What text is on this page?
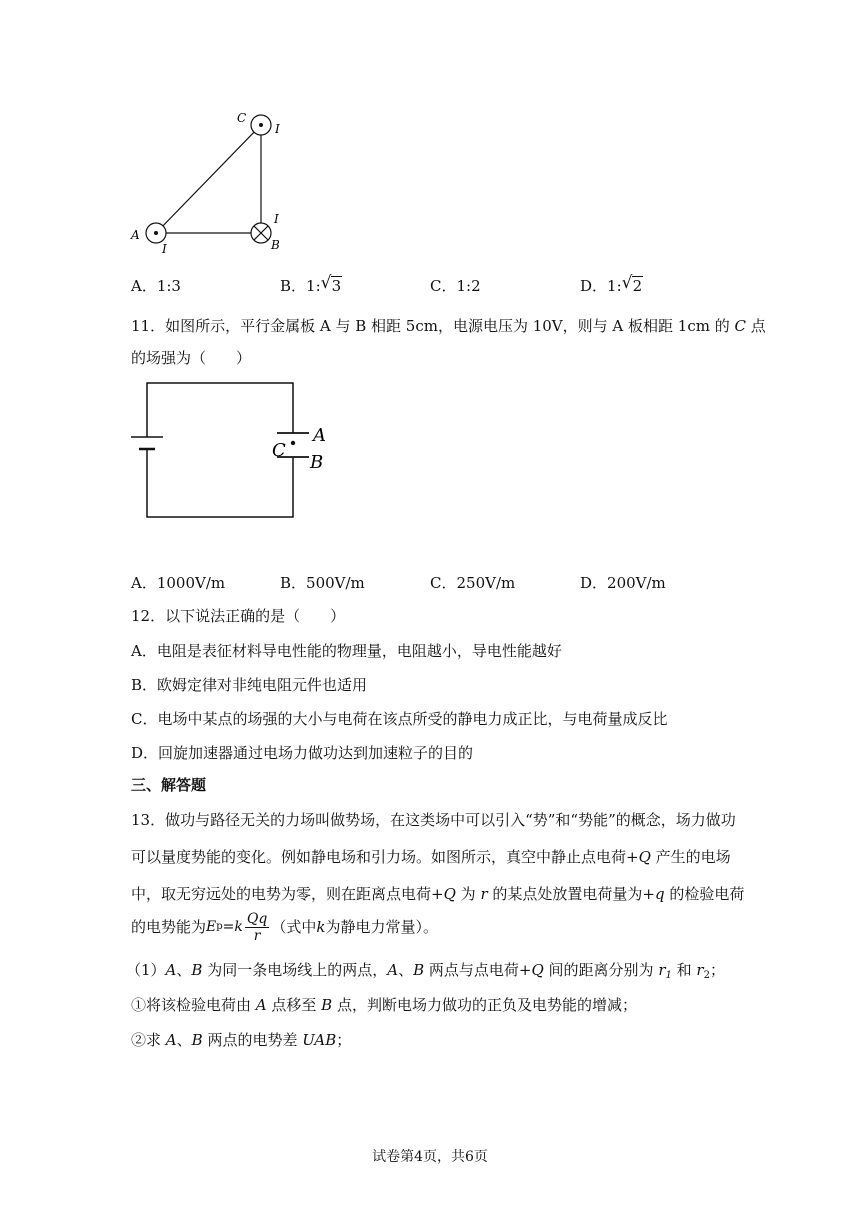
C
I
A
I
I
B
A．1:3	B．1: √ 3	C．1:2	D．1: √ 2
11．如图所示，平行金属板 A 与 B 相距 5cm，电源电压为 10V，则与 A 板相距 1cm 的 C 点
的场强为（　　）
A
C
B
A．1000V/m	B．500V/m	C．250V/m	D．200V/m
12．以下说法正确的是（　　）
A．电阻是表征材料导电性能的物理量，电阻越小，导电性能越好
B．欧姆定律对非纯电阻元件也适用
C．电场中某点的场强的大小与电荷在该点所受的静电力成正比，与电荷量成反比
D．回旋加速器通过电场力做功达到加速粒子的目的
三、解答题
13．做功与路径无关的力场叫做势场，在这类场中可以引入“势”和“势能”的概念，场力做功
可以量度势能的变化。例如静电场和引力场。如图所示，真空中静止点电荷+Q 产生的电场
中，取无穷远处的电势为零，则在距离点电荷+Q 为 r 的某点处放置电荷量为+q 的检验电荷
的电势能为 E p = k $\frac{Qq}{r}$ （式中 k 为静电力常量）。
（1）A、B 为同一条电场线上的两点，A、B 两点与点电荷+Q 间的距离分别为 $r_1$ 和 $r_2$；
①将该检验电荷由 A 点移至 B 点，判断电场力做功的正负及电势能的增减；
②求 A、B 两点的电势差 UAB；
试卷第4页，共6页
